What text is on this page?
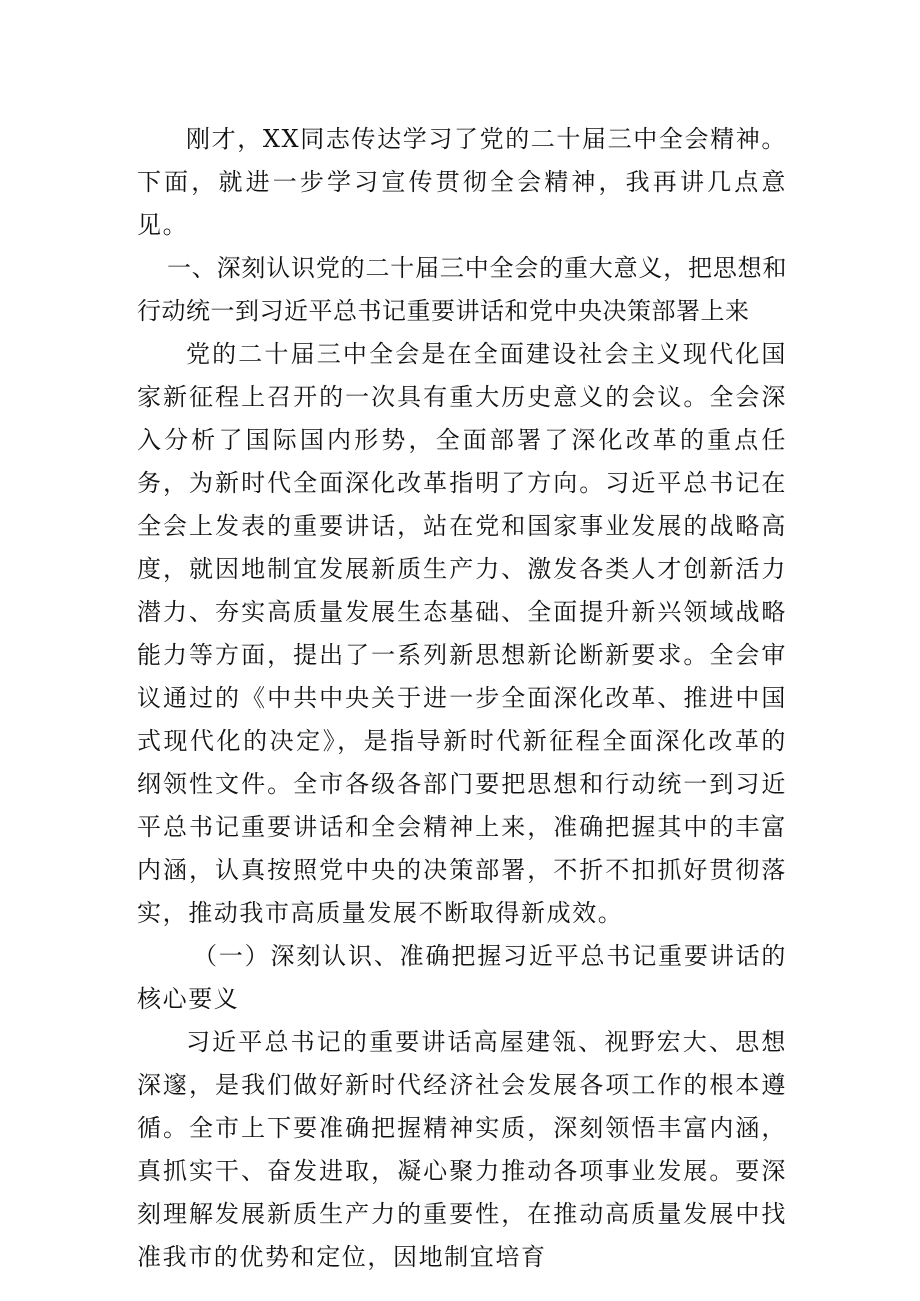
刚才，XX同志传达学习了党的二十届三中全会精神。下面，就进一步学习宣传贯彻全会精神，我再讲几点意见。

一、深刻认识党的二十届三中全会的重大意义，把思想和行动统一到习近平总书记重要讲话和党中央决策部署上来

党的二十届三中全会是在全面建设社会主义现代化国家新征程上召开的一次具有重大历史意义的会议。全会深入分析了国际国内形势，全面部署了深化改革的重点任务，为新时代全面深化改革指明了方向。习近平总书记在全会上发表的重要讲话，站在党和国家事业发展的战略高度，就因地制宜发展新质生产力、激发各类人才创新活力潜力、夯实高质量发展生态基础、全面提升新兴领域战略能力等方面，提出了一系列新思想新论断新要求。全会审议通过的《中共中央关于进一步全面深化改革、推进中国式现代化的决定》，是指导新时代新征程全面深化改革的纲领性文件。全市各级各部门要把思想和行动统一到习近平总书记重要讲话和全会精神上来，准确把握其中的丰富内涵，认真按照党中央的决策部署，不折不扣抓好贯彻落实，推动我市高质量发展不断取得新成效。

（一）深刻认识、准确把握习近平总书记重要讲话的核心要义

习近平总书记的重要讲话高屋建瓴、视野宏大、思想深邃，是我们做好新时代经济社会发展各项工作的根本遵循。全市上下要准确把握精神实质，深刻领悟丰富内涵，真抓实干、奋发进取，凝心聚力推动各项事业发展。要深刻理解发展新质生产力的重要性，在推动高质量发展中找准我市的优势和定位，因地制宜培育
